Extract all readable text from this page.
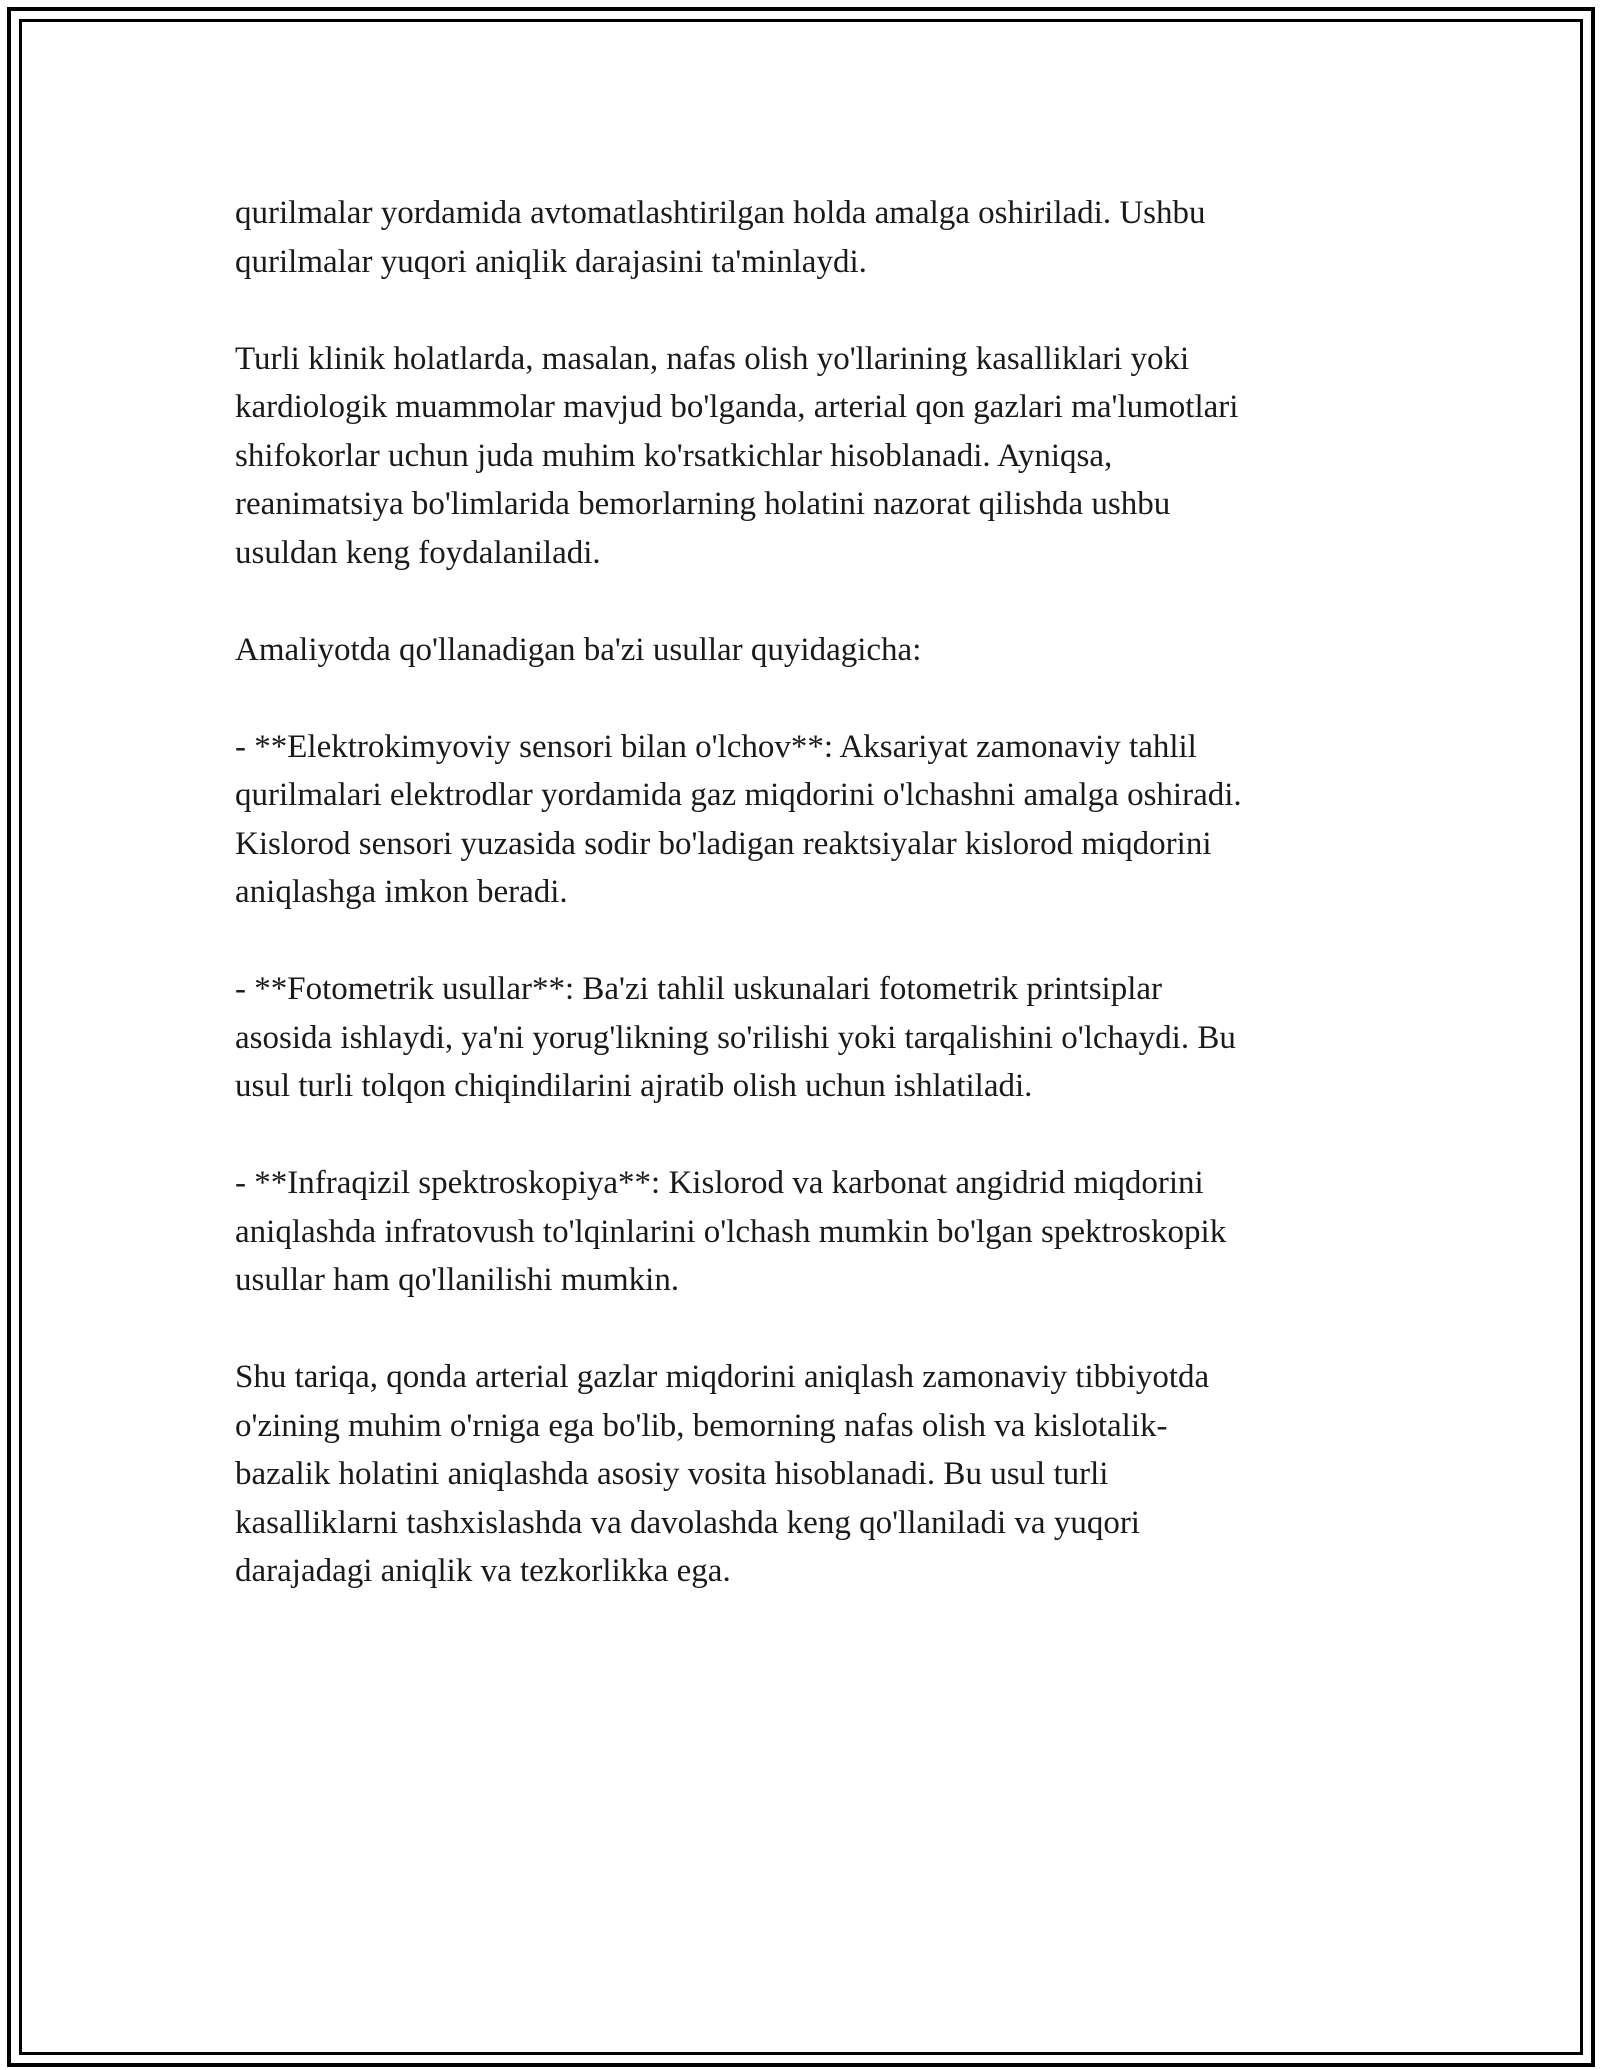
qurilmalar yordamida avtomatlashtirilgan holda amalga oshiriladi. Ushbu
qurilmalar yuqori aniqlik darajasini ta'minlaydi.

Turli klinik holatlarda, masalan, nafas olish yo'llarining kasalliklari yoki
kardiologik muammolar mavjud bo'lganda, arterial qon gazlari ma'lumotlari
shifokorlar uchun juda muhim ko'rsatkichlar hisoblanadi. Ayniqsa,
reanimatsiya bo'limlarida bemorlarning holatini nazorat qilishda ushbu
usuldan keng foydalaniladi.

Amaliyotda qo'llanadigan ba'zi usullar quyidagicha:

- **Elektrokimyoviy sensori bilan o'lchov**: Aksariyat zamonaviy tahlil
qurilmalari elektrodlar yordamida gaz miqdorini o'lchashni amalga oshiradi.
Kislorod sensori yuzasida sodir bo'ladigan reaktsiyalar kislorod miqdorini
aniqlashga imkon beradi.

- **Fotometrik usullar**: Ba'zi tahlil uskunalari fotometrik printsiplar
asosida ishlaydi, ya'ni yorug'likning so'rilishi yoki tarqalishini o'lchaydi. Bu
usul turli tolqon chiqindilarini ajratib olish uchun ishlatiladi.

- **Infraqizil spektroskopiya**: Kislorod va karbonat angidrid miqdorini
aniqlashda infratovush to'lqinlarini o'lchash mumkin bo'lgan spektroskopik
usullar ham qo'llanilishi mumkin.

Shu tariqa, qonda arterial gazlar miqdorini aniqlash zamonaviy tibbiyotda
o'zining muhim o'rniga ega bo'lib, bemorning nafas olish va kislotalik-
bazalik holatini aniqlashda asosiy vosita hisoblanadi. Bu usul turli
kasalliklarni tashxislashda va davolashda keng qo'llaniladi va yuqori
darajadagi aniqlik va tezkorlikka ega.
